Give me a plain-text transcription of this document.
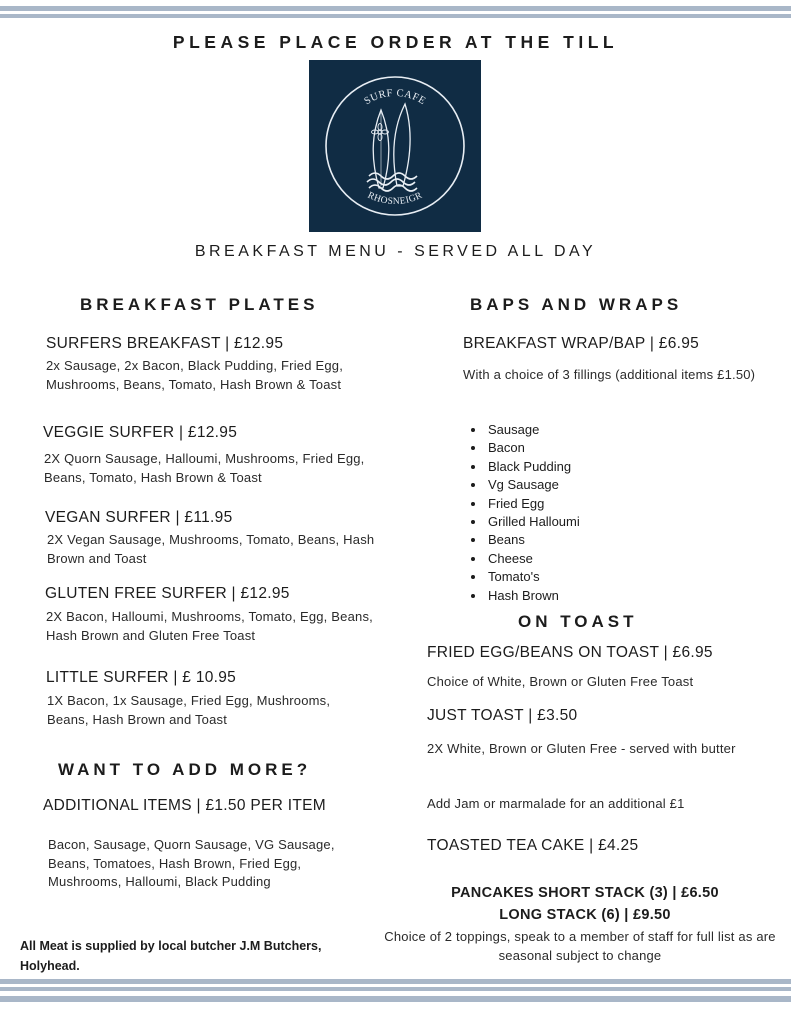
PLEASE PLACE ORDER AT THE TILL
SURF CAFE
RHOSNEIGR
BREAKFAST MENU - SERVED ALL DAY
BREAKFAST PLATES
SURFERS BREAKFAST | £12.95
2x Sausage, 2x Bacon, Black Pudding, Fried Egg, Mushrooms, Beans, Tomato, Hash Brown & Toast
VEGGIE SURFER | £12.95
2X Quorn Sausage, Halloumi, Mushrooms, Fried Egg, Beans, Tomato, Hash Brown & Toast
VEGAN SURFER | £11.95
2X Vegan Sausage, Mushrooms, Tomato, Beans, Hash Brown and Toast
GLUTEN FREE SURFER | £12.95
2X Bacon, Halloumi, Mushrooms, Tomato, Egg, Beans, Hash Brown and Gluten Free Toast
LITTLE SURFER | £ 10.95
1X Bacon, 1x Sausage, Fried Egg, Mushrooms, Beans, Hash Brown and Toast
WANT TO ADD MORE?
ADDITIONAL ITEMS | £1.50 PER ITEM
Bacon, Sausage, Quorn Sausage, VG Sausage, Beans, Tomatoes, Hash Brown, Fried Egg, Mushrooms, Halloumi, Black Pudding
All Meat is supplied by local butcher J.M Butchers, Holyhead.
BAPS AND WRAPS
BREAKFAST WRAP/BAP | £6.95
With a choice of 3 fillings (additional items £1.50)
• Sausage
• Bacon
• Black Pudding
• Vg Sausage
• Fried Egg
• Grilled Halloumi
• Beans
• Cheese
• Tomato's
• Hash Brown
ON TOAST
FRIED EGG/BEANS ON TOAST | £6.95
Choice of White, Brown or Gluten Free Toast
JUST TOAST | £3.50
2X White, Brown or Gluten Free - served with butter
Add Jam or marmalade for an additional £1
TOASTED TEA CAKE | £4.25
PANCAKES SHORT STACK (3) | £6.50
LONG STACK (6) | £9.50
Choice of 2 toppings, speak to a member of staff for full list as are seasonal subject to change
